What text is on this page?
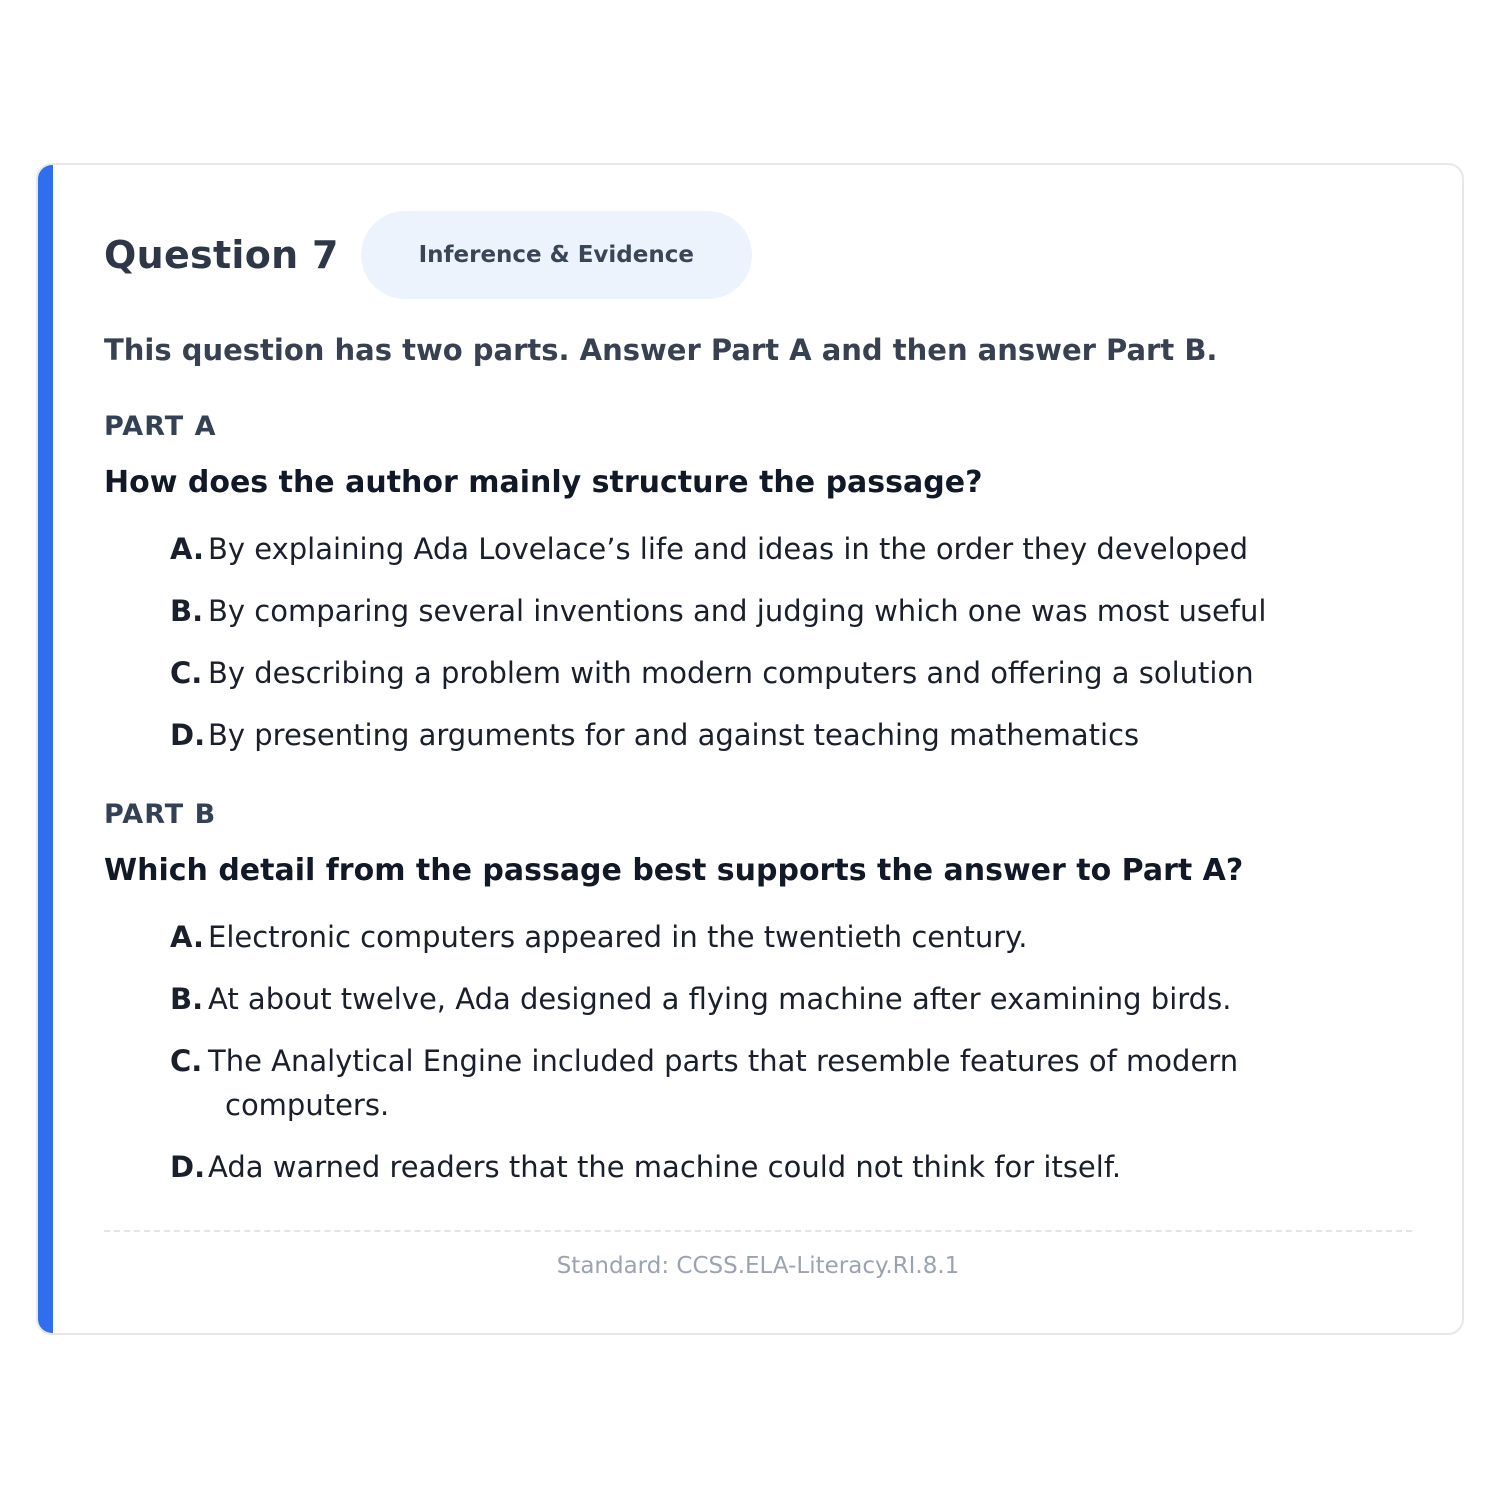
Question 7	Inference & Evidence
This question has two parts. Answer Part A and then answer Part B.
PART A
How does the author mainly structure the passage?
A. By explaining Ada Lovelace’s life and ideas in the order they developed
B. By comparing several inventions and judging which one was most useful
C. By describing a problem with modern computers and offering a solution
D. By presenting arguments for and against teaching mathematics
PART B
Which detail from the passage best supports the answer to Part A?
A. Electronic computers appeared in the twentieth century.
B. At about twelve, Ada designed a flying machine after examining birds.
C. The Analytical Engine included parts that resemble features of modern computers.
D. Ada warned readers that the machine could not think for itself.
Standard: CCSS.ELA-Literacy.RI.8.1
